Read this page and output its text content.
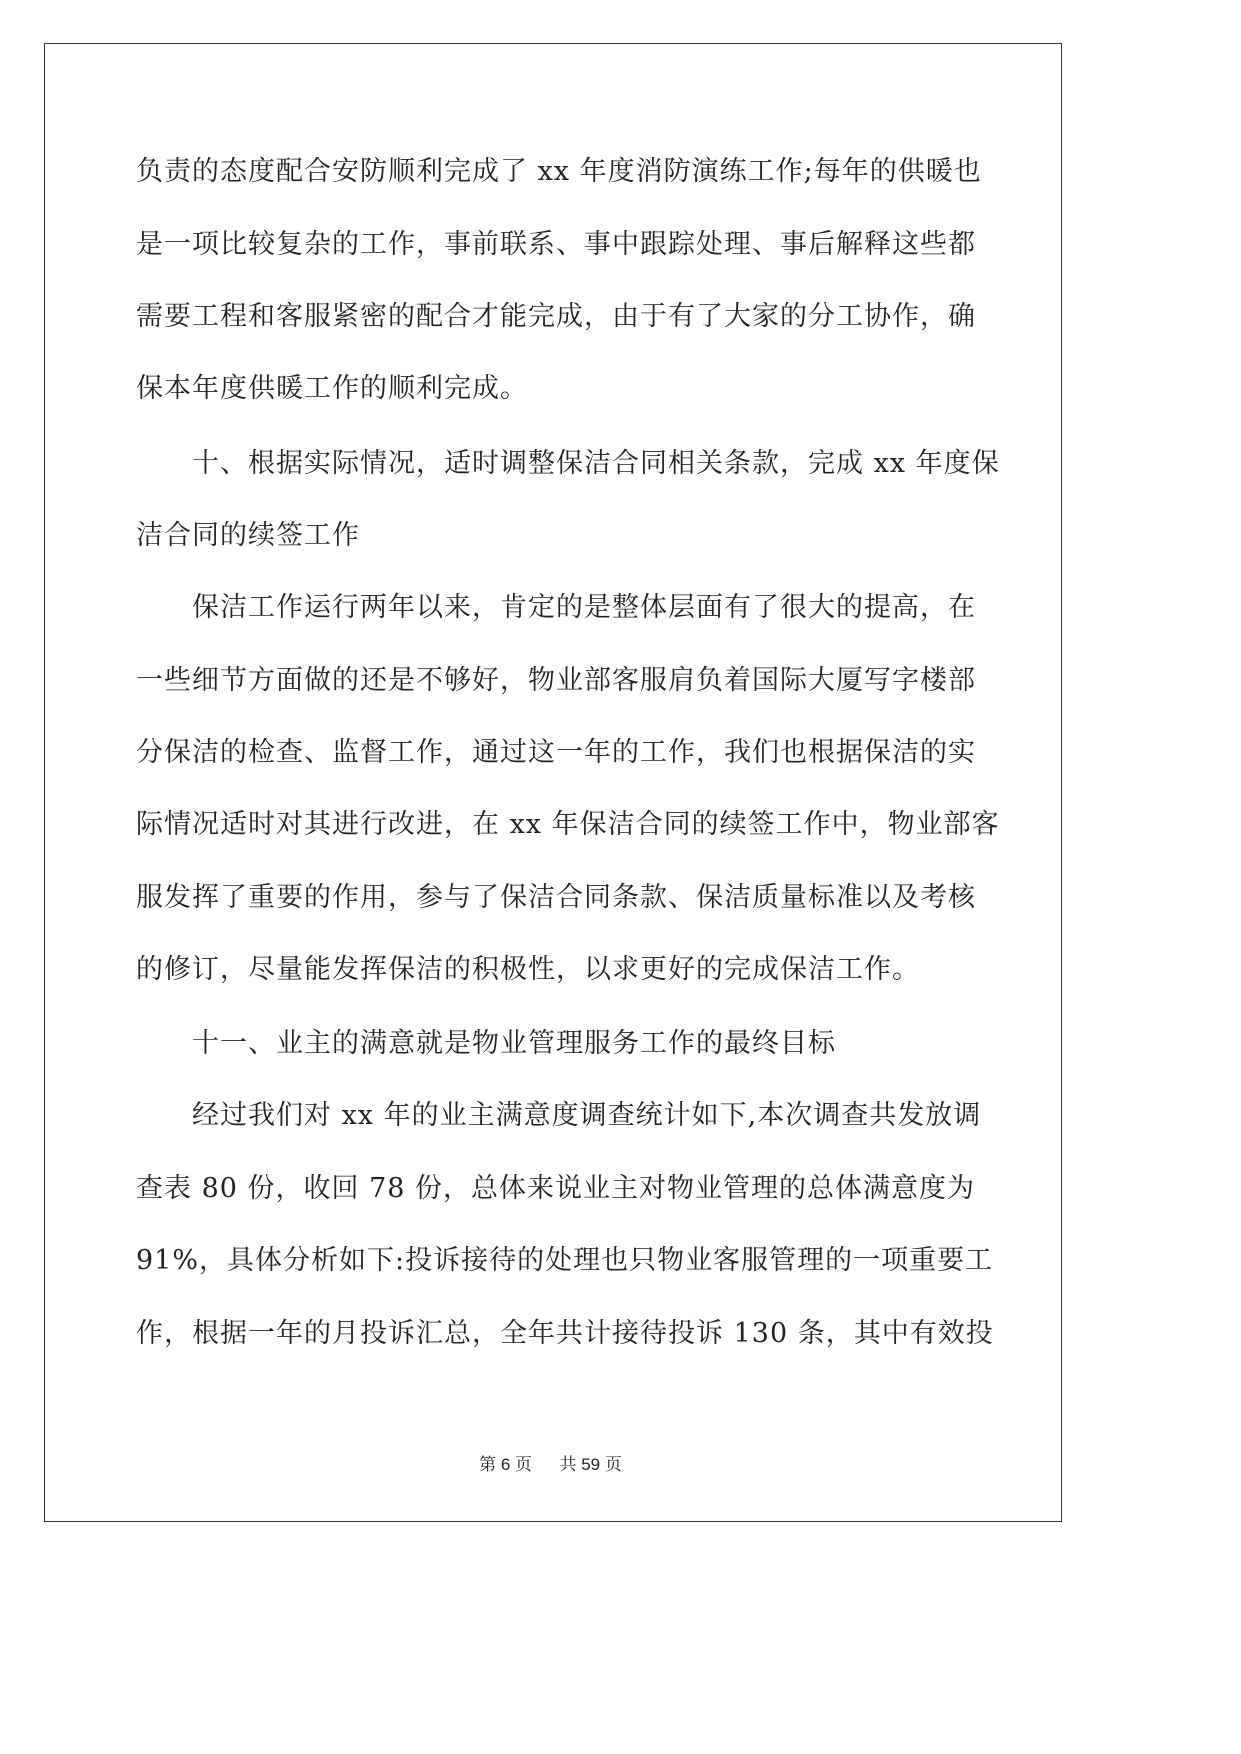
负责的态度配合安防顺利完成了 xx 年度消防演练工作;每年的供暖也

是一项比较复杂的工作，事前联系、事中跟踪处理、事后解释这些都

需要工程和客服紧密的配合才能完成，由于有了大家的分工协作，确

保本年度供暖工作的顺利完成。

十、根据实际情况，适时调整保洁合同相关条款，完成 xx 年度保

洁合同的续签工作

保洁工作运行两年以来，肯定的是整体层面有了很大的提高，在

一些细节方面做的还是不够好，物业部客服肩负着国际大厦写字楼部

分保洁的检查、监督工作，通过这一年的工作，我们也根据保洁的实

际情况适时对其进行改进，在 xx 年保洁合同的续签工作中，物业部客

服发挥了重要的作用，参与了保洁合同条款、保洁质量标准以及考核

的修订，尽量能发挥保洁的积极性，以求更好的完成保洁工作。

十一、业主的满意就是物业管理服务工作的最终目标

经过我们对 xx 年的业主满意度调查统计如下,本次调查共发放调

查表 80 份，收回 78 份，总体来说业主对物业管理的总体满意度为

91%，具体分析如下:投诉接待的处理也只物业客服管理的一项重要工

作，根据一年的月投诉汇总，全年共计接待投诉 130 条，其中有效投

第 6 页 共 59 页
